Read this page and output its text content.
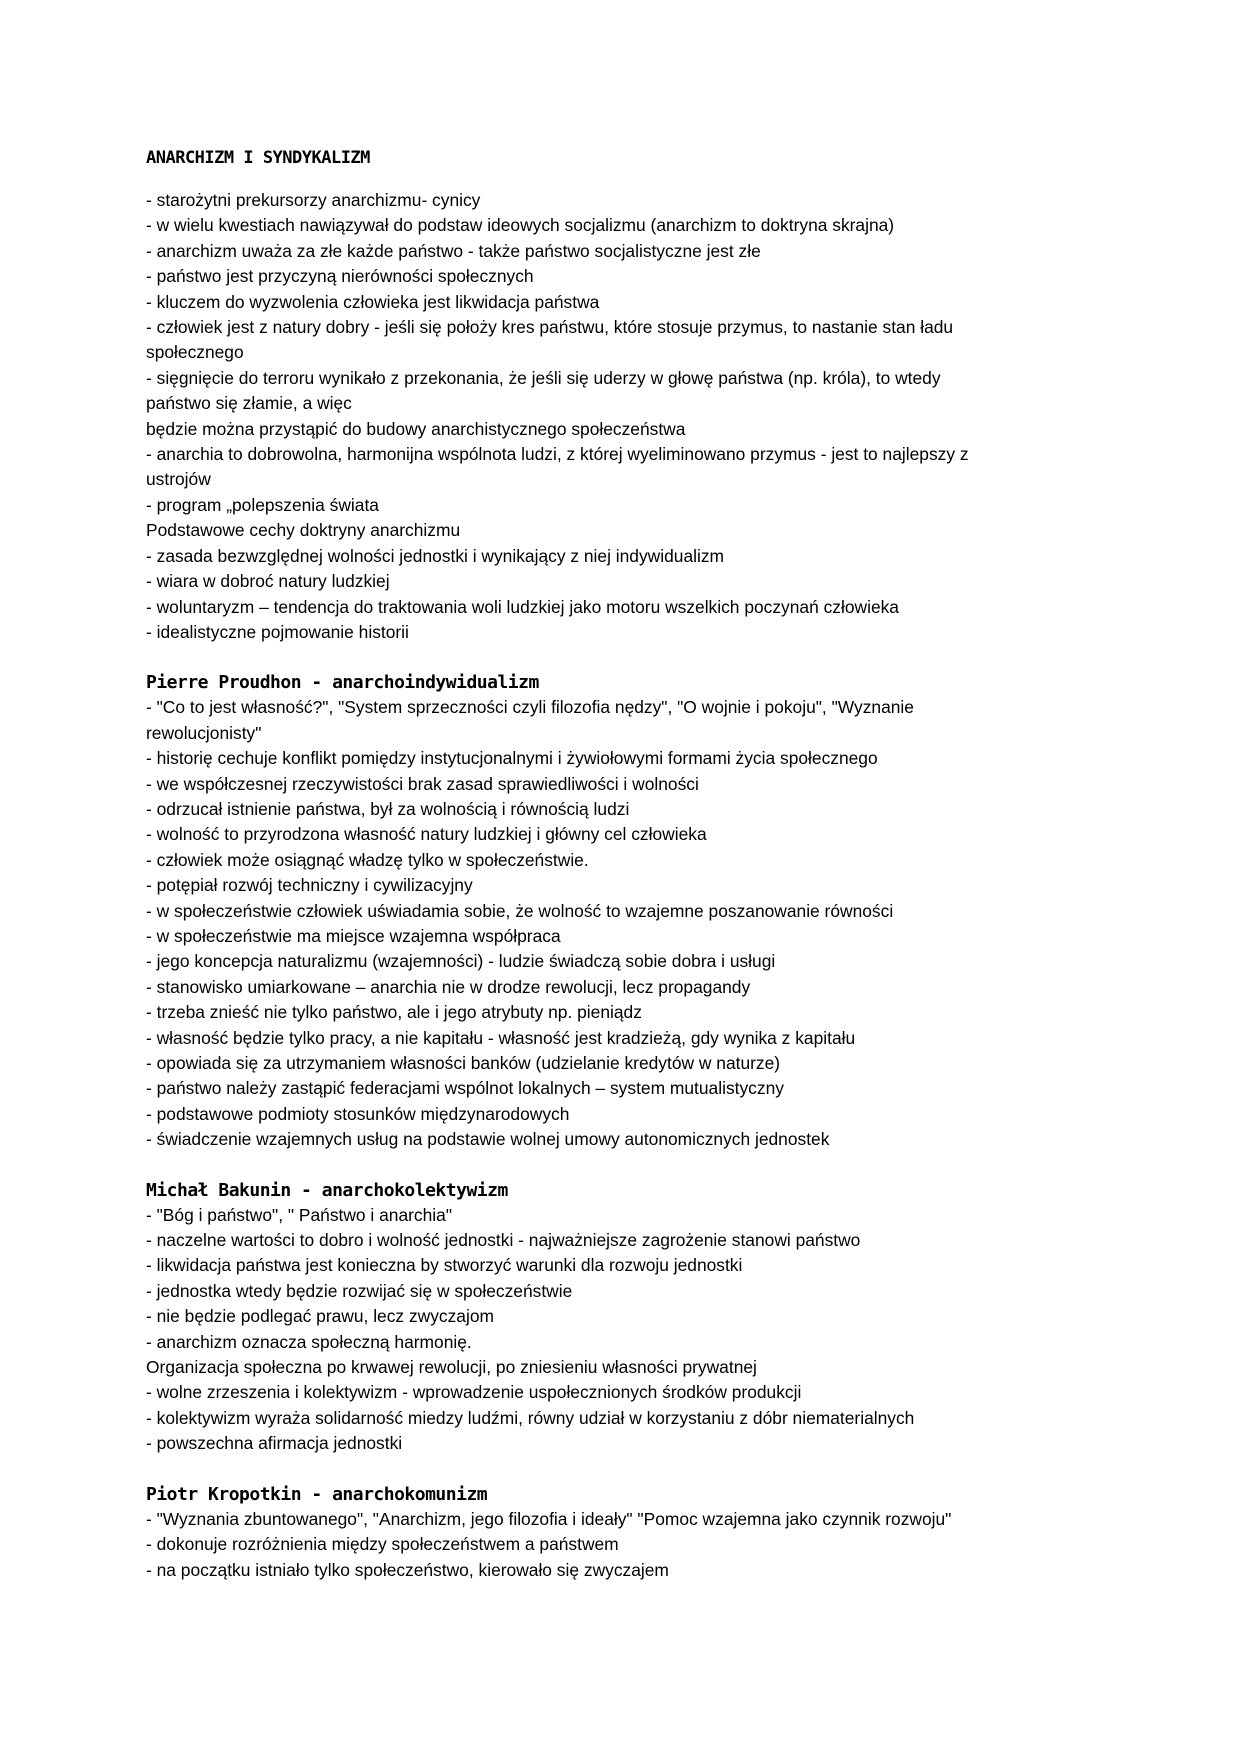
ANARCHIZM I SYNDYKALIZM
- starożytni prekursorzy anarchizmu- cynicy
- w wielu kwestiach nawiązywał do podstaw ideowych socjalizmu (anarchizm to doktryna skrajna)
- anarchizm uważa za złe każde państwo - także państwo socjalistyczne jest złe
- państwo jest przyczyną nierówności społecznych
- kluczem do wyzwolenia człowieka jest likwidacja państwa
- człowiek jest z natury dobry - jeśli się położy kres państwu, które stosuje przymus, to nastanie stan ładu
społecznego
- sięgnięcie do terroru wynikało z przekonania, że jeśli się uderzy w głowę państwa (np. króla), to wtedy
państwo się złamie, a więc
będzie można przystąpić do budowy anarchistycznego społeczeństwa
- anarchia to dobrowolna, harmonijna wspólnota ludzi, z której wyeliminowano przymus - jest to najlepszy z
ustrojów
- program „polepszenia świata
Podstawowe cechy doktryny anarchizmu
- zasada bezwzględnej wolności jednostki i wynikający z niej indywidualizm
- wiara w dobroć natury ludzkiej
- woluntaryzm – tendencja do traktowania woli ludzkiej jako motoru wszelkich poczynań człowieka
- idealistyczne pojmowanie historii
Pierre Proudhon - anarchoindywidualizm
- "Co to jest własność?", "System sprzeczności czyli filozofia nędzy", "O wojnie i pokoju", "Wyznanie
rewolucjonisty"
- historię cechuje konflikt pomiędzy instytucjonalnymi i żywiołowymi formami życia społecznego
- we współczesnej rzeczywistości brak zasad sprawiedliwości i wolności
- odrzucał istnienie państwa, był za wolnością i równością ludzi
- wolność to przyrodzona własność natury ludzkiej i główny cel człowieka
- człowiek może osiągnąć władzę tylko w społeczeństwie.
- potępiał rozwój techniczny i cywilizacyjny
- w społeczeństwie człowiek uświadamia sobie, że wolność to wzajemne poszanowanie równości
- w społeczeństwie ma miejsce wzajemna współpraca
- jego koncepcja naturalizmu (wzajemności) - ludzie świadczą sobie dobra i usługi
- stanowisko umiarkowane – anarchia nie w drodze rewolucji, lecz propagandy
- trzeba znieść nie tylko państwo, ale i jego atrybuty np. pieniądz
- własność będzie tylko pracy, a nie kapitału - własność jest kradzieżą, gdy wynika z kapitału
- opowiada się za utrzymaniem własności banków (udzielanie kredytów w naturze)
- państwo należy zastąpić federacjami wspólnot lokalnych – system mutualistyczny
- podstawowe podmioty stosunków międzynarodowych
- świadczenie wzajemnych usług na podstawie wolnej umowy autonomicznych jednostek
Michał Bakunin - anarchokolektywizm
- "Bóg i państwo", " Państwo i anarchia"
- naczelne wartości to dobro i wolność jednostki - najważniejsze zagrożenie stanowi państwo
- likwidacja państwa jest konieczna by stworzyć warunki dla rozwoju jednostki
- jednostka wtedy będzie rozwijać się w społeczeństwie
- nie będzie podlegać prawu, lecz zwyczajom
- anarchizm oznacza społeczną harmonię.
Organizacja społeczna po krwawej rewolucji, po zniesieniu własności prywatnej
- wolne zrzeszenia i kolektywizm - wprowadzenie uspołecznionych środków produkcji
- kolektywizm wyraża solidarność miedzy ludźmi, równy udział w korzystaniu z dóbr niematerialnych
- powszechna afirmacja jednostki
Piotr Kropotkin - anarchokomunizm
- "Wyznania zbuntowanego", "Anarchizm, jego filozofia i ideały" "Pomoc wzajemna jako czynnik rozwoju"
- dokonuje rozróżnienia między społeczeństwem a państwem
- na początku istniało tylko społeczeństwo, kierowało się zwyczajem
